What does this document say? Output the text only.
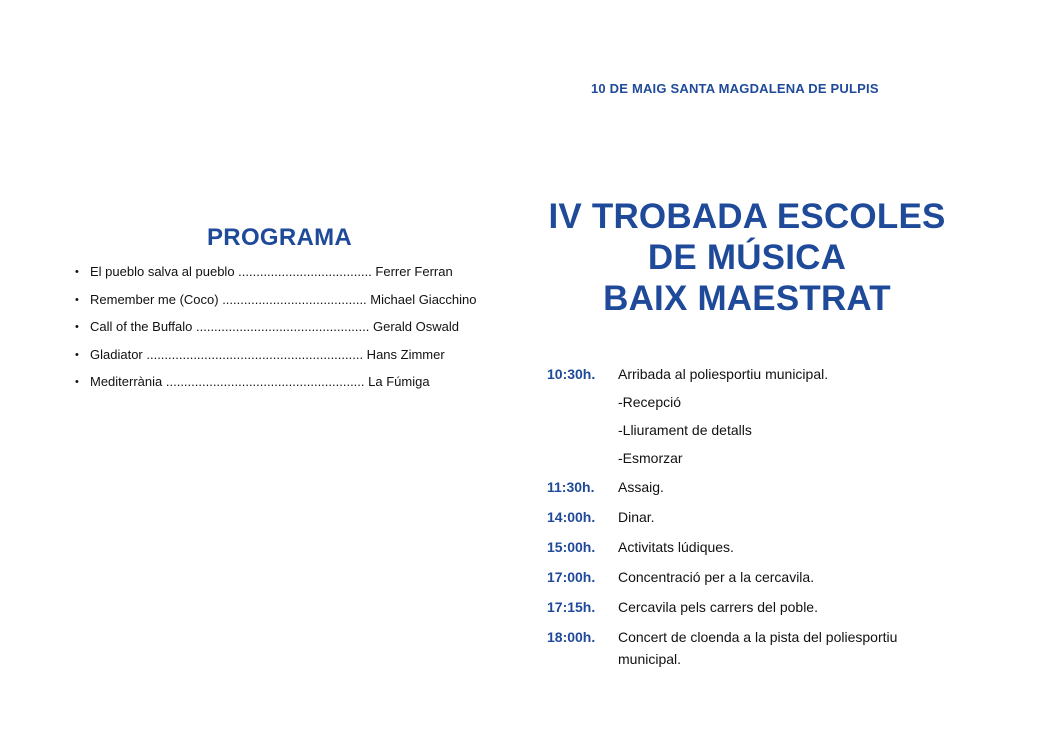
PROGRAMA
• El pueblo salva al pueblo ..................................... Ferrer Ferran
• Remember me (Coco) ........................................ Michael Giacchino
• Call of the Buffalo ................................................ Gerald Oswald
• Gladiator ............................................................ Hans Zimmer
• Mediterrània ....................................................... La Fúmiga

10 DE MAIG SANTA MAGDALENA DE PULPIS

IV TROBADA ESCOLES
DE MÚSICA
BAIX MAESTRAT
10:30h. Arribada al poliesportiu municipal.
-Recepció
-Lliurament de detalls
-Esmorzar
11:30h. Assaig.
14:00h. Dinar.
15:00h. Activitats lúdiques.
17:00h. Concentració per a la cercavila.
17:15h. Cercavila pels carrers del poble.
18:00h. Concert de cloenda a la pista del poliesportiu municipal.
